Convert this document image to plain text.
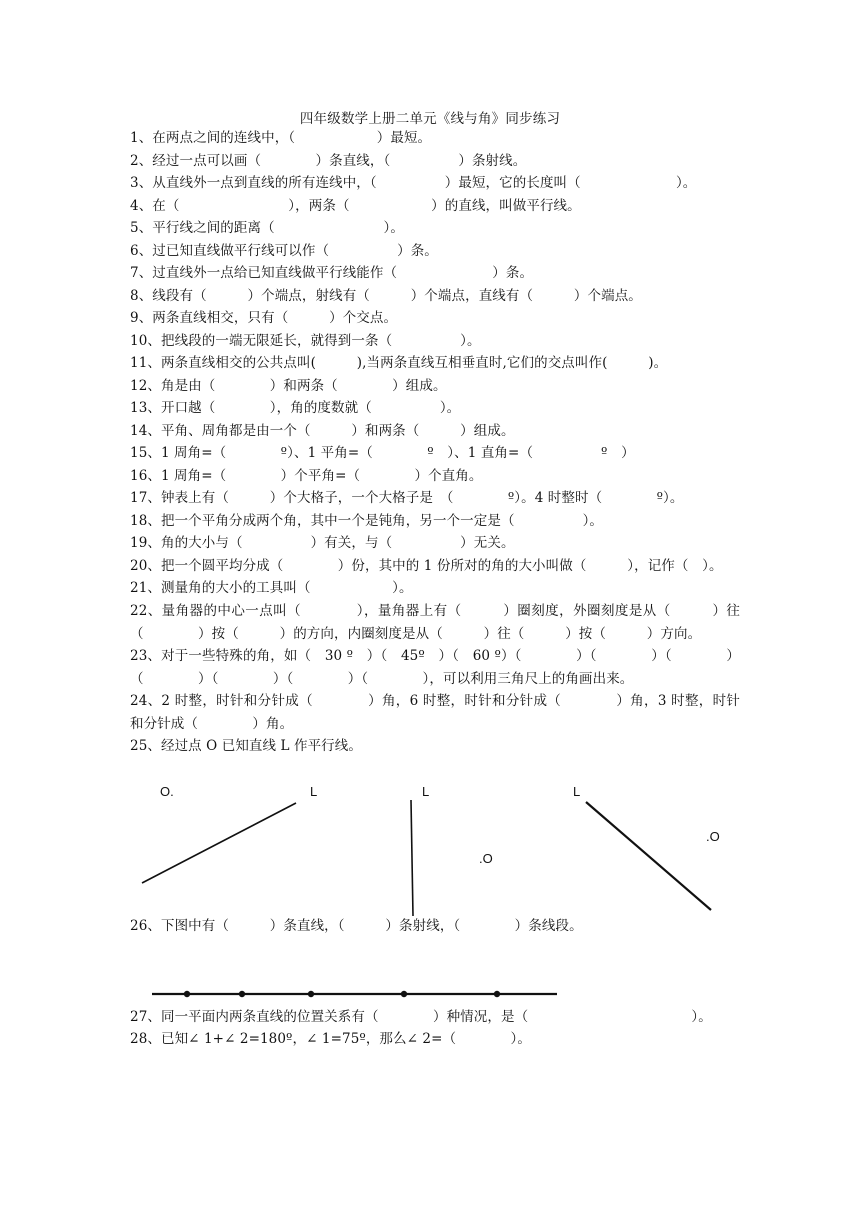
四年级数学上册二单元《线与角》同步练习
1、在两点之间的连线中，（　　　　　　）最短。
2、经过一点可以画（　　　　）条直线，（　　　　　）条射线。
3、从直线外一点到直线的所有连线中，（　　　　　）最短，它的长度叫（　　　　　　　）。
4、在（　　　　　　　　），两条（　　　　　　）的直线，叫做平行线。
5、平行线之间的距离（　　　　　　　　）。
6、过已知直线做平行线可以作（　　　　　）条。
7、过直线外一点给已知直线做平行线能作（　　　　　　　）条。
8、线段有（　　　）个端点，射线有（　　　）个端点，直线有（　　　）个端点。
9、两条直线相交，只有（　　　）个交点。
10、把线段的一端无限延长，就得到一条（　　　　　）。
11、两条直线相交的公共点叫(　　　),当两条直线互相垂直时,它们的交点叫作(　　　)。
12、角是由（　　　　）和两条（　　　　）组成。
13、开口越（　　　　），角的度数就（　　　　　）。
14、平角、周角都是由一个（　　　）和两条（　　　）组成。
15、1 周角=（　　　　º）、1 平角=（　　　　º　）、1 直角=（　　　　　º　）
16、1 周角=（　　　　）个平角=（　　　　）个直角。
17、钟表上有（　　　）个大格子，一个大格子是　（　　　　º）。4 时整时（　　　　º）。
18、把一个平角分成两个角，其中一个是钝角，另一个一定是（　　　　　）。
19、角的大小与（　　　　　）有关，与（　　　　　）无关。
20、把一个圆平均分成（　　　　）份，其中的 1 份所对的角的大小叫做（　　　），记作（　）。
21、测量角的大小的工具叫（　　　　　　）。
22、量角器的中心一点叫（　　　　），量角器上有（　　　）圈刻度，外圈刻度是从（　　　）往（　　　　）按（　　　）的方向，内圈刻度是从（　　　）往（　　　）按（　　　）方向。
23、对于一些特殊的角，如（　30 º　）（　45º　）（　60 º）（　　　　）（　　　　）（　　　　）（　　　　）（　　　　）（　　　　）（　　　　），可以利用三角尺上的角画出来。
24、2 时整，时针和分针成（　　　　）角，6 时整，时针和分针成（　　　　）角，3 时整，时针和分针成（　　　　）角。
25、经过点 O 已知直线 L 作平行线。
O.	L	L
.O
L
.O
26、下图中有（　　　）条直线，（　　　）条射线，（　　　　）条线段。
27、同一平面内两条直线的位置关系有（　　　　）种情况，是（　　　　　　　　　　　　）。
28、已知∠ 1+∠ 2=180º，∠ 1=75º，那么∠ 2=（　　　　）。
